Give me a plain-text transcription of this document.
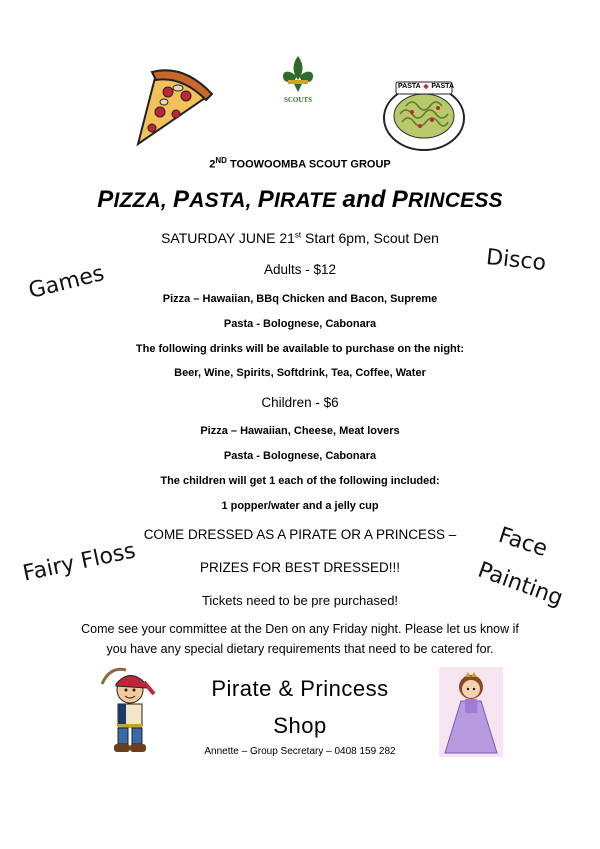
SCOUTS
PASTA ❖ PASTA
2ND TOOWOOMBA SCOUT GROUP
PIZZA, PASTA, PIRATE and PRINCESS
SATURDAY JUNE 21st Start 6pm, Scout Den
Adults - $12
Pizza – Hawaiian, BBq Chicken and Bacon, Supreme
Pasta - Bolognese, Cabonara
The following drinks will be available to purchase on the night:
Beer, Wine, Spirits, Softdrink, Tea, Coffee, Water
Children - $6
Pizza – Hawaiian, Cheese, Meat lovers
Pasta - Bolognese, Cabonara
The children will get 1 each of the following included:
1 popper/water and a jelly cup
COME DRESSED AS A PIRATE OR A PRINCESS –
PRIZES FOR BEST DRESSED!!!
Tickets need to be pre purchased!
Come see your committee at the Den on any Friday night. Please let us know if
you have any special dietary requirements that need to be catered for.
Pirate & Princess
Shop
Annette – Group Secretary – 0408 159 282
Games
Disco
Fairy Floss	Face
Painting
